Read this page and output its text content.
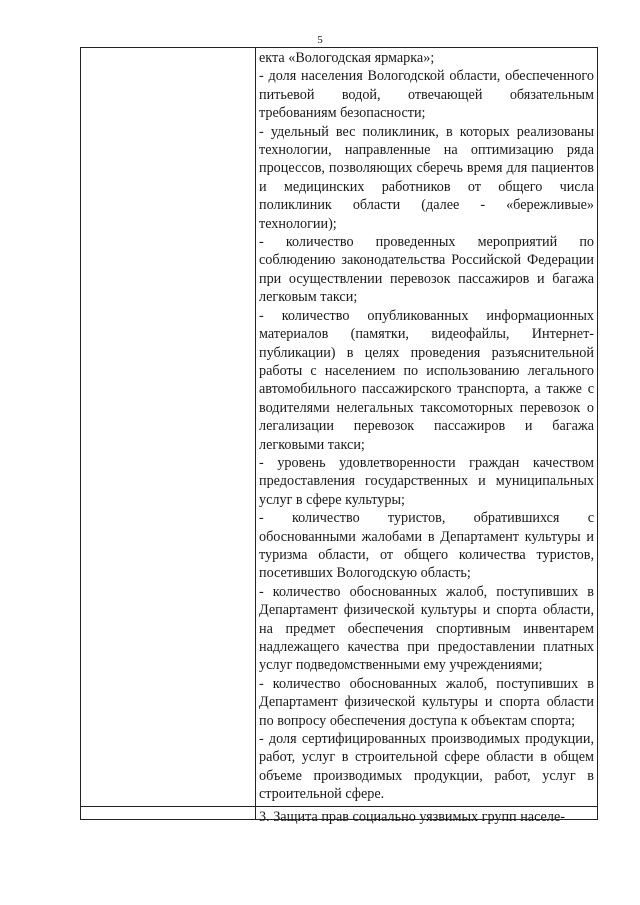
5

екта «Вологодская ярмарка»;

- доля населения Вологодской области, обеспеченного питьевой водой, отвечающей обязательным требованиям безопасности;

- удельный вес поликлиник, в которых реализованы технологии, направленные на оптимизацию ряда процессов, позволяющих сберечь время для пациентов и медицинских работников от общего числа поликлиник области (далее - «бережливые» технологии);

- количество проведенных мероприятий по соблюдению законодательства Российской Федерации при осуществлении перевозок пассажиров и багажа легковым такси;

- количество опубликованных информационных материалов (памятки, видеофайлы, Интернет-публикации) в целях проведения разъяснительной работы с населением по использованию легального автомобильного пассажирского транспорта, а также с водителями нелегальных таксомоторных перевозок о легализации перевозок пассажиров и багажа легковыми такси;

- уровень удовлетворенности граждан качеством предоставления государственных и муниципальных услуг в сфере культуры;

- количество туристов, обратившихся с обоснованными жалобами в Департамент культуры и туризма области, от общего количества туристов, посетивших Вологодскую область;

- количество обоснованных жалоб, поступивших в Департамент физической культуры и спорта области, на предмет обеспечения спортивным инвентарем надлежащего качества при предоставлении платных услуг подведомственными ему учреждениями;

- количество обоснованных жалоб, поступивших в Департамент физической культуры и спорта области по вопросу обеспечения доступа к объектам спорта;

- доля сертифицированных производимых продукции, работ, услуг в строительной сфере области в общем объеме производимых продукции, работ, услуг в строительной сфере.

3. Защита прав социально уязвимых групп населе-
